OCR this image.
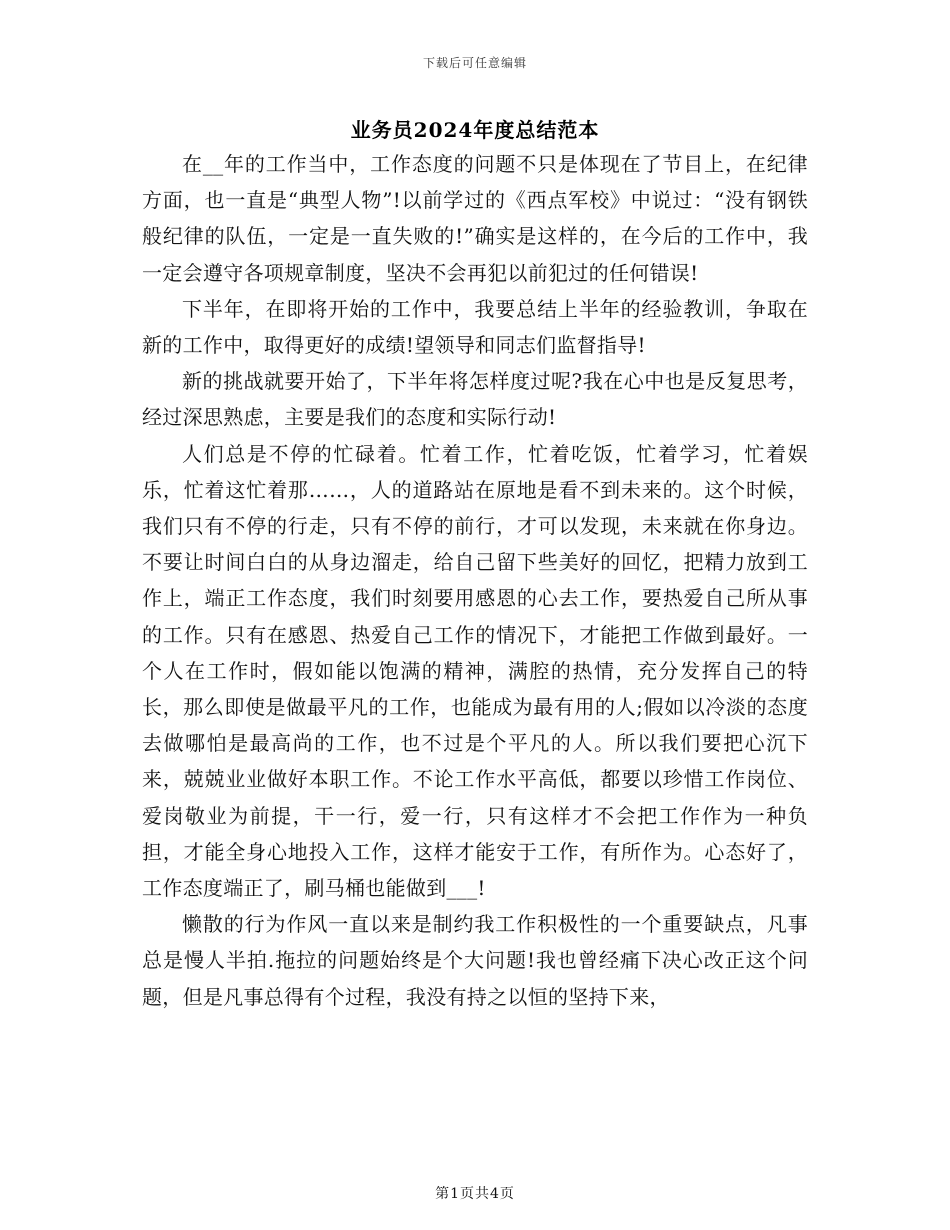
下载后可任意编辑
业务员2024年度总结范本

在__年的工作当中，工作态度的问题不只是体现在了节目上，在纪律方面，也一直是“典型人物”!以前学过的《西点军校》中说过：“没有钢铁般纪律的队伍，一定是一直失败的!”确实是这样的，在今后的工作中，我一定会遵守各项规章制度，坚决不会再犯以前犯过的任何错误!

下半年，在即将开始的工作中，我要总结上半年的经验教训，争取在新的工作中，取得更好的成绩!望领导和同志们监督指导!

新的挑战就要开始了，下半年将怎样度过呢?我在心中也是反复思考，经过深思熟虑，主要是我们的态度和实际行动!

人们总是不停的忙碌着。忙着工作，忙着吃饭，忙着学习，忙着娱乐，忙着这忙着那……，人的道路站在原地是看不到未来的。这个时候，我们只有不停的行走，只有不停的前行，才可以发现，未来就在你身边。不要让时间白白的从身边溜走，给自己留下些美好的回忆，把精力放到工作上，端正工作态度，我们时刻要用感恩的心去工作，要热爱自己所从事的工作。只有在感恩、热爱自己工作的情况下，才能把工作做到最好。一个人在工作时，假如能以饱满的精神，满腔的热情，充分发挥自己的特长，那么即使是做最平凡的工作，也能成为最有用的人;假如以冷淡的态度去做哪怕是最高尚的工作，也不过是个平凡的人。所以我们要把心沉下来，兢兢业业做好本职工作。不论工作水平高低，都要以珍惜工作岗位、爱岗敬业为前提，干一行，爱一行，只有这样才不会把工作作为一种负担，才能全身心地投入工作，这样才能安于工作，有所作为。心态好了，工作态度端正了，刷马桶也能做到___!

懒散的行为作风一直以来是制约我工作积极性的一个重要缺点，凡事总是慢人半拍.拖拉的问题始终是个大问题!我也曾经痛下决心改正这个问题，但是凡事总得有个过程，我没有持之以恒的坚持下来，

第1页共4页
